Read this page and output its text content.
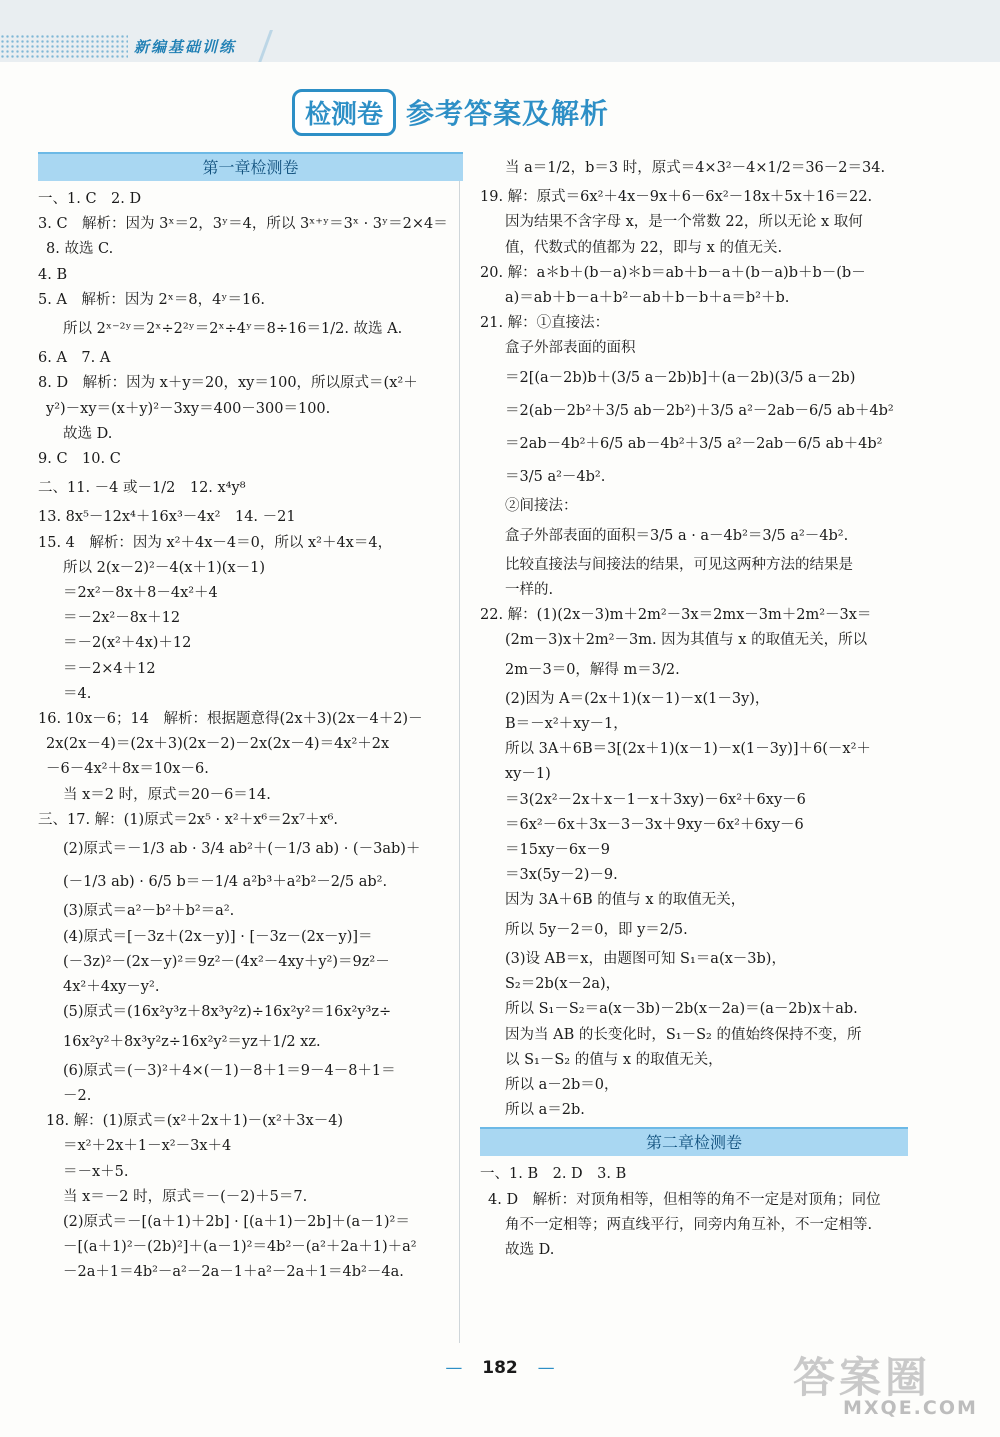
新编基础训练
检测卷 参考答案及解析
第一章检测卷
一、1. C　2. D
3. C　解析：因为 3ˣ＝2，3ʸ＝4，所以 3ˣ⁺ʸ＝3ˣ · 3ʸ＝2×4＝
8. 故选 C.
4. B
5. A　解析：因为 2ˣ＝8，4ʸ＝16.
所以 2ˣ⁻²ʸ＝2ˣ÷2²ʸ＝2ˣ÷4ʸ＝8÷16＝1/2. 故选 A.
6. A　7. A
8. D　解析：因为 x＋y＝20，xy＝100，所以原式＝(x²＋
y²)－xy＝(x＋y)²－3xy＝400－300＝100.
故选 D.
9. C　10. C
二、11. －4 或－1/2　12. x⁴y⁸
13. 8x⁵－12x⁴＋16x³－4x²　14. －21
15. 4　解析：因为 x²＋4x－4＝0，所以 x²＋4x＝4，
所以 2(x－2)²－4(x＋1)(x－1)
＝2x²－8x＋8－4x²＋4
＝－2x²－8x＋12
＝－2(x²＋4x)＋12
＝－2×4＋12
＝4.
16. 10x－6；14　解析：根据题意得(2x＋3)(2x－4＋2)－
2x(2x－4)＝(2x＋3)(2x－2)－2x(2x－4)＝4x²＋2x
－6－4x²＋8x＝10x－6.
当 x＝2 时，原式＝20－6＝14.
三、17. 解：(1)原式＝2x⁵ · x²＋x⁶＝2x⁷＋x⁶.
(2)原式＝－1/3 ab · 3/4 ab²＋(－1/3 ab) · (－3ab)＋
(－1/3 ab) · 6/5 b＝－1/4 a²b³＋a²b²－2/5 ab².
(3)原式＝a²－b²＋b²＝a².
(4)原式＝[－3z＋(2x－y)] · [－3z－(2x－y)]＝
(－3z)²－(2x－y)²＝9z²－(4x²－4xy＋y²)＝9z²－
4x²＋4xy－y².
(5)原式＝(16x²y³z＋8x³y²z)÷16x²y²＝16x²y³z÷
16x²y²＋8x³y²z÷16x²y²＝yz＋1/2 xz.
(6)原式＝(－3)²＋4×(－1)－8＋1＝9－4－8＋1＝
－2.
18. 解：(1)原式＝(x²＋2x＋1)－(x²＋3x－4)
＝x²＋2x＋1－x²－3x＋4
＝－x＋5.
当 x＝－2 时，原式＝－(－2)＋5＝7.
(2)原式＝－[(a＋1)＋2b] · [(a＋1)－2b]＋(a－1)²＝
－[(a＋1)²－(2b)²]＋(a－1)²＝4b²－(a²＋2a＋1)＋a²
－2a＋1＝4b²－a²－2a－1＋a²－2a＋1＝4b²－4a.
当 a＝1/2，b＝3 时，原式＝4×3²－4×1/2＝36－2＝34.
19. 解：原式＝6x²＋4x－9x＋6－6x²－18x＋5x＋16＝22.
因为结果不含字母 x，是一个常数 22，所以无论 x 取何
值，代数式的值都为 22，即与 x 的值无关.
20. 解：a＊b＋(b－a)＊b＝ab＋b－a＋(b－a)b＋b－(b－
a)＝ab＋b－a＋b²－ab＋b－b＋a＝b²＋b.
21. 解：①直接法：
盒子外部表面的面积
＝2[(a－2b)b＋(3/5 a－2b)b]＋(a－2b)(3/5 a－2b)
＝2(ab－2b²＋3/5 ab－2b²)＋3/5 a²－2ab－6/5 ab＋4b²
＝2ab－4b²＋6/5 ab－4b²＋3/5 a²－2ab－6/5 ab＋4b²
＝3/5 a²－4b².
②间接法：
盒子外部表面的面积＝3/5 a · a－4b²＝3/5 a²－4b².
比较直接法与间接法的结果，可见这两种方法的结果是
一样的.
22. 解：(1)(2x－3)m＋2m²－3x＝2mx－3m＋2m²－3x＝
(2m－3)x＋2m²－3m. 因为其值与 x 的取值无关，所以
2m－3＝0，解得 m＝3/2.
(2)因为 A＝(2x＋1)(x－1)－x(1－3y)，
B＝－x²＋xy－1，
所以 3A＋6B＝3[(2x＋1)(x－1)－x(1－3y)]＋6(－x²＋
xy－1)
＝3(2x²－2x＋x－1－x＋3xy)－6x²＋6xy－6
＝6x²－6x＋3x－3－3x＋9xy－6x²＋6xy－6
＝15xy－6x－9
＝3x(5y－2)－9.
因为 3A＋6B 的值与 x 的取值无关，
所以 5y－2＝0，即 y＝2/5.
(3)设 AB＝x，由题图可知 S₁＝a(x－3b)，
S₂＝2b(x－2a)，
所以 S₁－S₂＝a(x－3b)－2b(x－2a)＝(a－2b)x＋ab.
因为当 AB 的长变化时，S₁－S₂ 的值始终保持不变，所
以 S₁－S₂ 的值与 x 的取值无关，
所以 a－2b＝0，
所以 a＝2b.
第二章检测卷
一、1. B　2. D　3. B
4. D　解析：对顶角相等，但相等的角不一定是对顶角；同位
角不一定相等；两直线平行，同旁内角互补，不一定相等.
故选 D.
— 182 —	答案圈
MXQE.COM
